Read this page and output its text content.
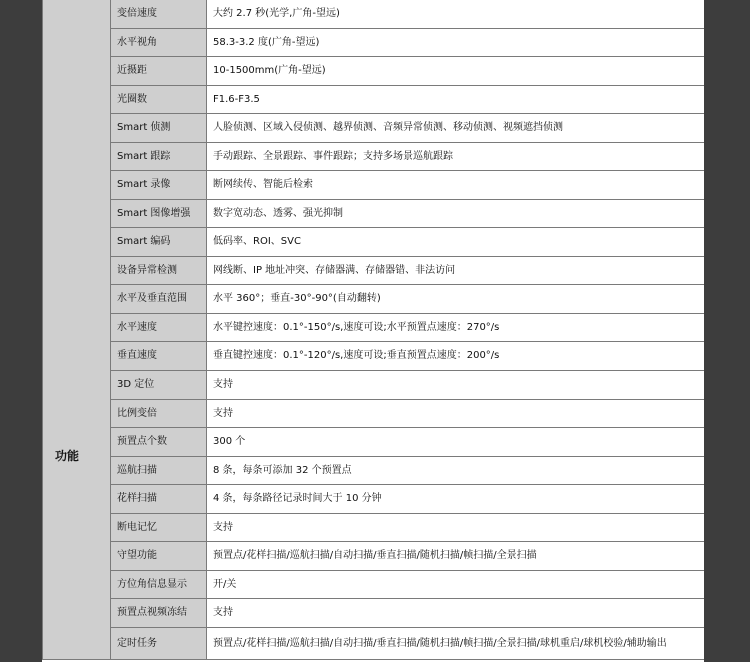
功能	变倍速度	大约 2.7 秒(光学,广角-望远)
	水平视角	58.3-3.2 度(广角-望远)
	近摄距	10-1500mm(广角-望远)
	光圈数	F1.6-F3.5
	Smart 侦测	人脸侦测、区域入侵侦测、越界侦测、音频异常侦测、移动侦测、视频遮挡侦测
	Smart 跟踪	手动跟踪、全景跟踪、事件跟踪；支持多场景巡航跟踪
	Smart 录像	断网续传、智能后检索
	Smart 图像增强	数字宽动态、透雾、强光抑制
	Smart 编码	低码率、ROI、SVC
	设备异常检测	网线断、IP 地址冲突、存储器满、存储器错、非法访问
	水平及垂直范围	水平 360°；垂直-30°-90°(自动翻转)
	水平速度	水平键控速度：0.1°-150°/s,速度可设;水平预置点速度：270°/s
	垂直速度	垂直键控速度：0.1°-120°/s,速度可设;垂直预置点速度：200°/s
	3D 定位	支持
	比例变倍	支持
	预置点个数	300 个
	巡航扫描	8 条，每条可添加 32 个预置点
	花样扫描	4 条，每条路径记录时间大于 10 分钟
	断电记忆	支持
	守望功能	预置点/花样扫描/巡航扫描/自动扫描/垂直扫描/随机扫描/帧扫描/全景扫描
	方位角信息显示	开/关
	预置点视频冻结	支持
	定时任务	预置点/花样扫描/巡航扫描/自动扫描/垂直扫描/随机扫描/帧扫描/全景扫描/球机重启/球机校验/辅助输出
